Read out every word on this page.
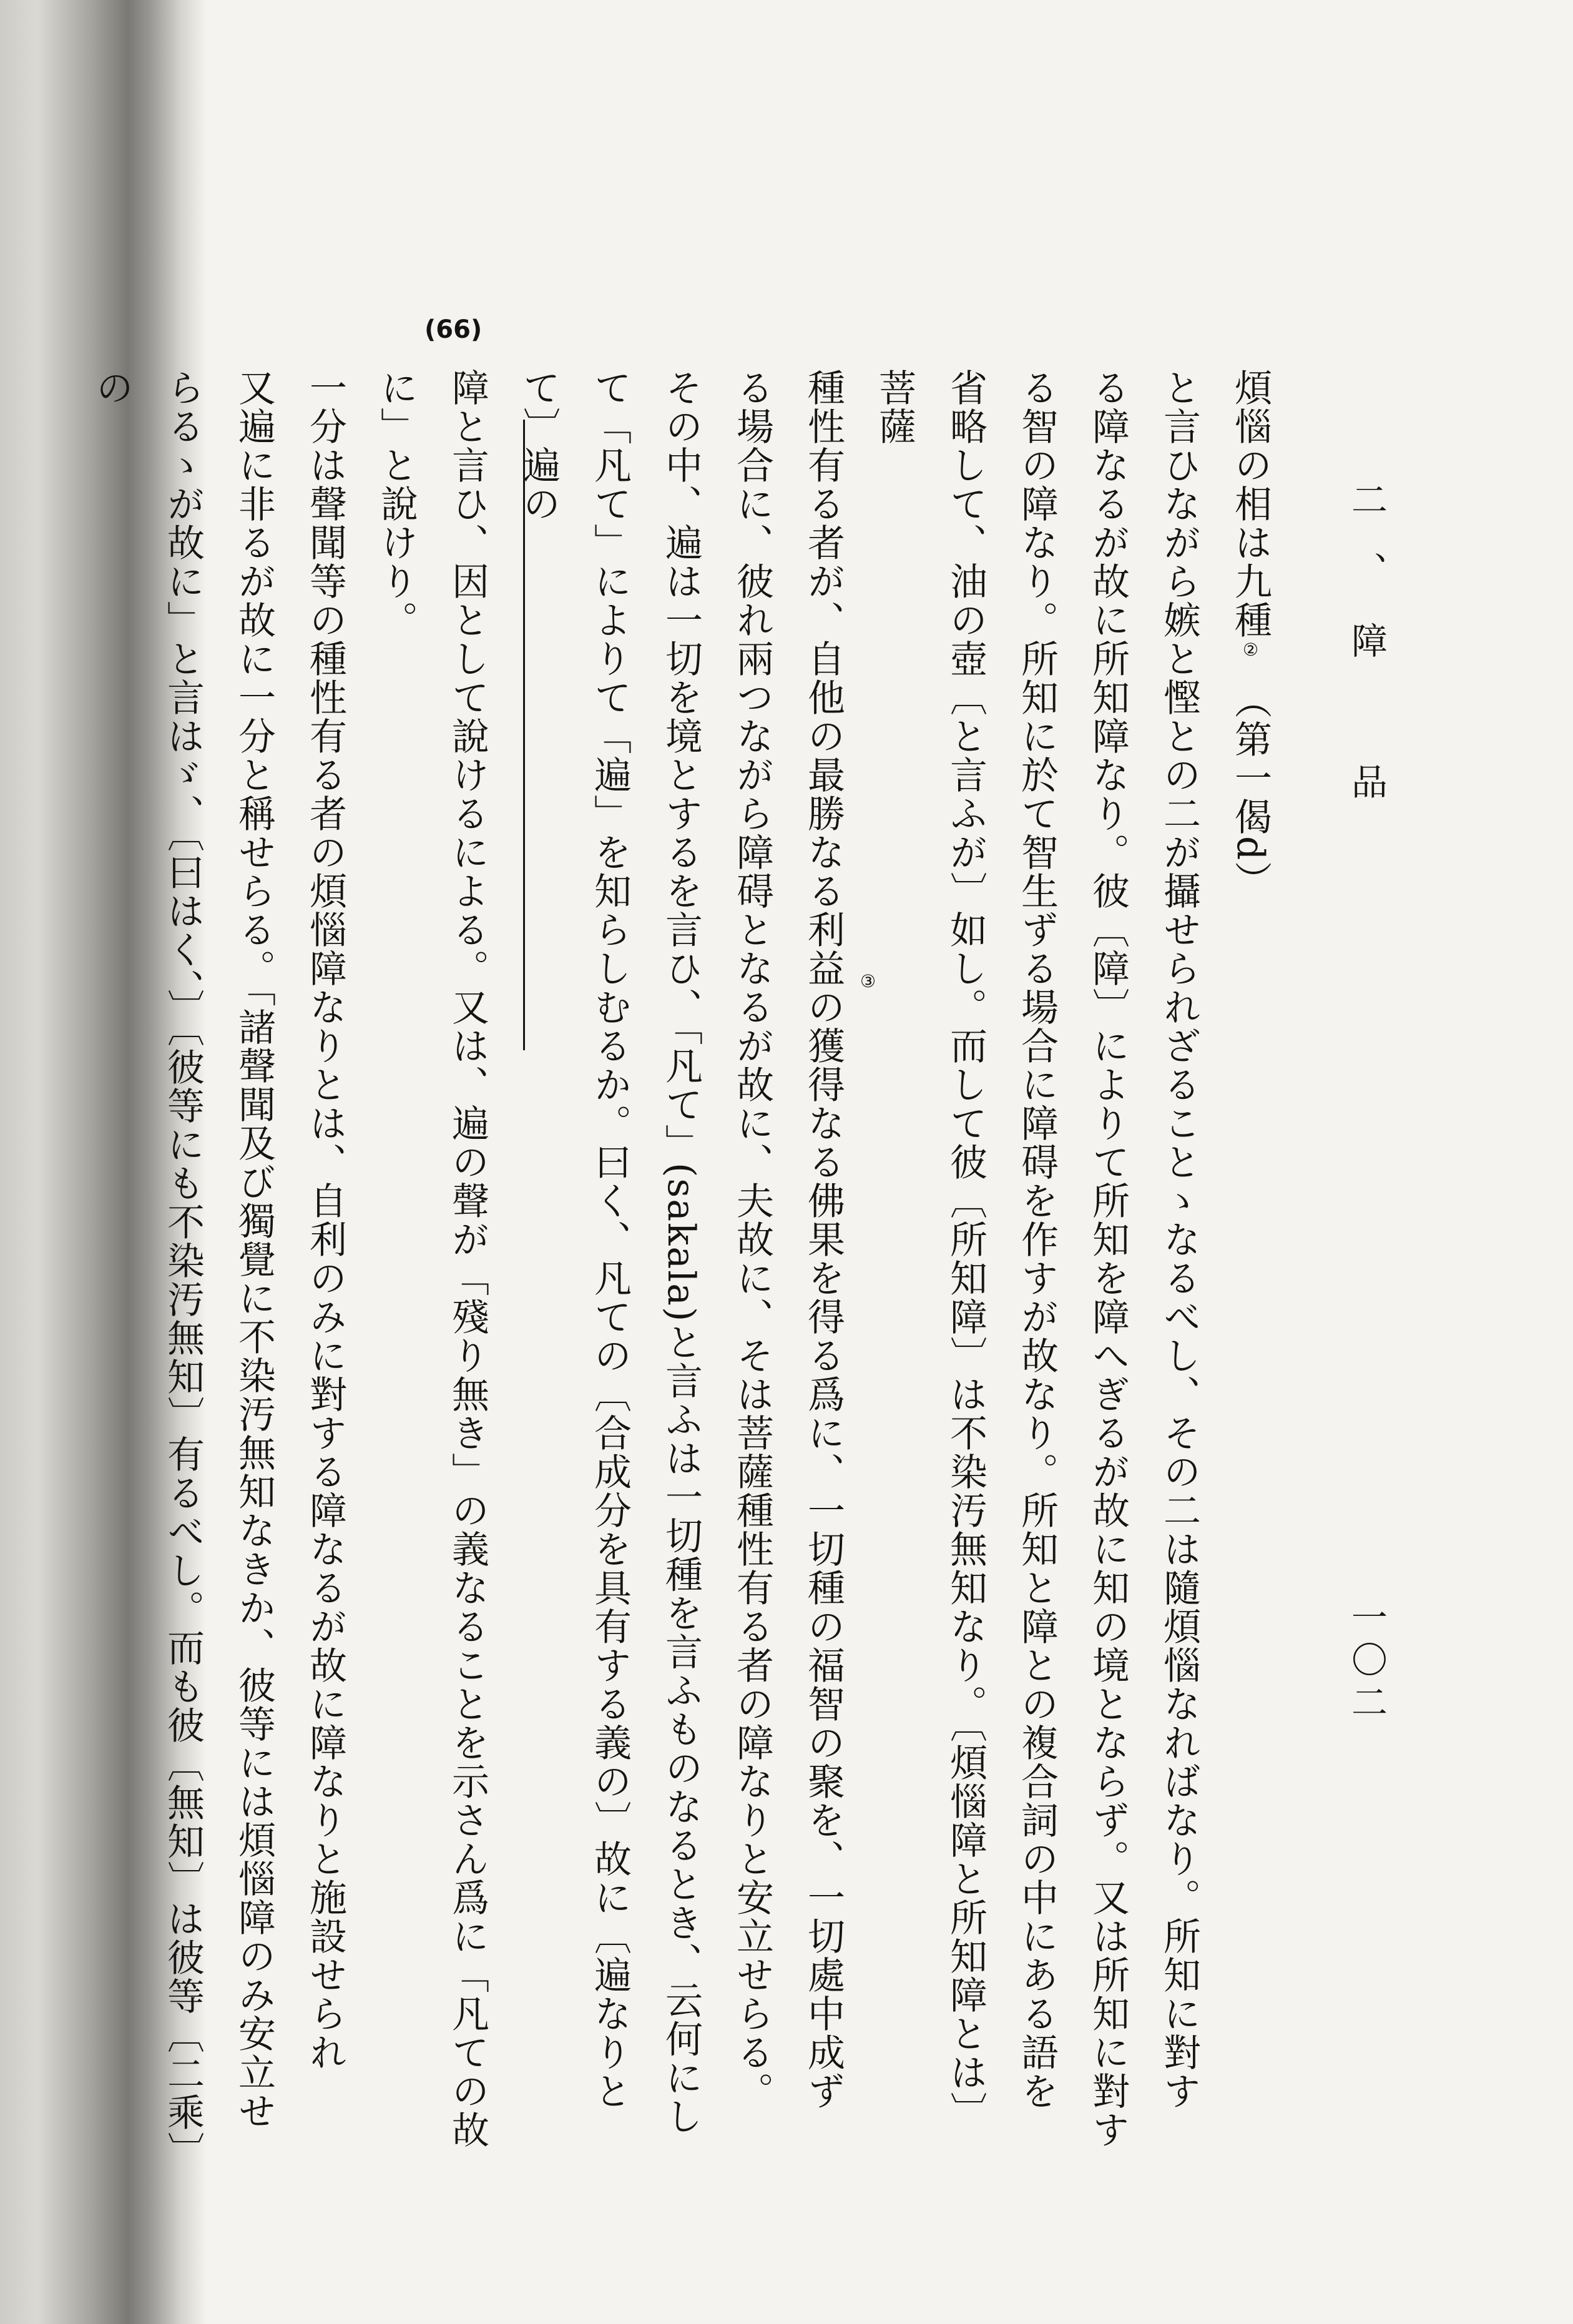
二、障　品
一〇二
(66)

煩惱の相は九種②　（第一偈d）

と言ひながら嫉と慳との二が攝せられざることゝなるべし、その二は隨煩惱なればなり。所知に對す
る障なるが故に所知障なり。彼〔障〕によりて所知を障へぎるが故に知の境とならず。又は所知に對す
る智の障なり。所知に於て智生ずる場合に障碍を作すが故なり。所知と障との複合詞の中にある語を
省略して、油の壺〔と言ふが〕如し。而して彼〔所知障〕は不染汚無知なり。〔煩惱障と所知障とは〕菩薩
種性有る者が、自他の最勝なる利益の獲得なる佛果を得る爲に、一切種の福智の聚を、一切處中成ず
る場合に、彼れ兩つながら障碍となるが故に、夫故に、そは菩薩種性有る者の障なりと安立せらる。
その中、遍は一切を境とするを言ひ、「凡て」(sakala)と言ふは一切種を言ふものなるとき、云何にし
て「凡て」によりて「遍」を知らしむるか。曰く、凡ての〔合成分を具有する義の〕故に〔遍なりとて〕遍の
障と言ひ、因として說けるによる。又は、遍の聲が「殘り無き」の義なることを示さん爲に「凡ての故
に」と說けり。

一分は聲聞等の種性有る者の煩惱障なりとは、自利のみに對する障なるが故に障なりと施設せられ
又遍に非るが故に一分と稱せらる。「諸聲聞及び獨覺に不染汚無知なきか、彼等には煩惱障のみ安立せ
らるゝが故に」と言はゞ、〔曰はく、〕〔彼等にも不染汚無知〕有るべし。而も彼〔無知〕は彼等〔二乘〕の

③
